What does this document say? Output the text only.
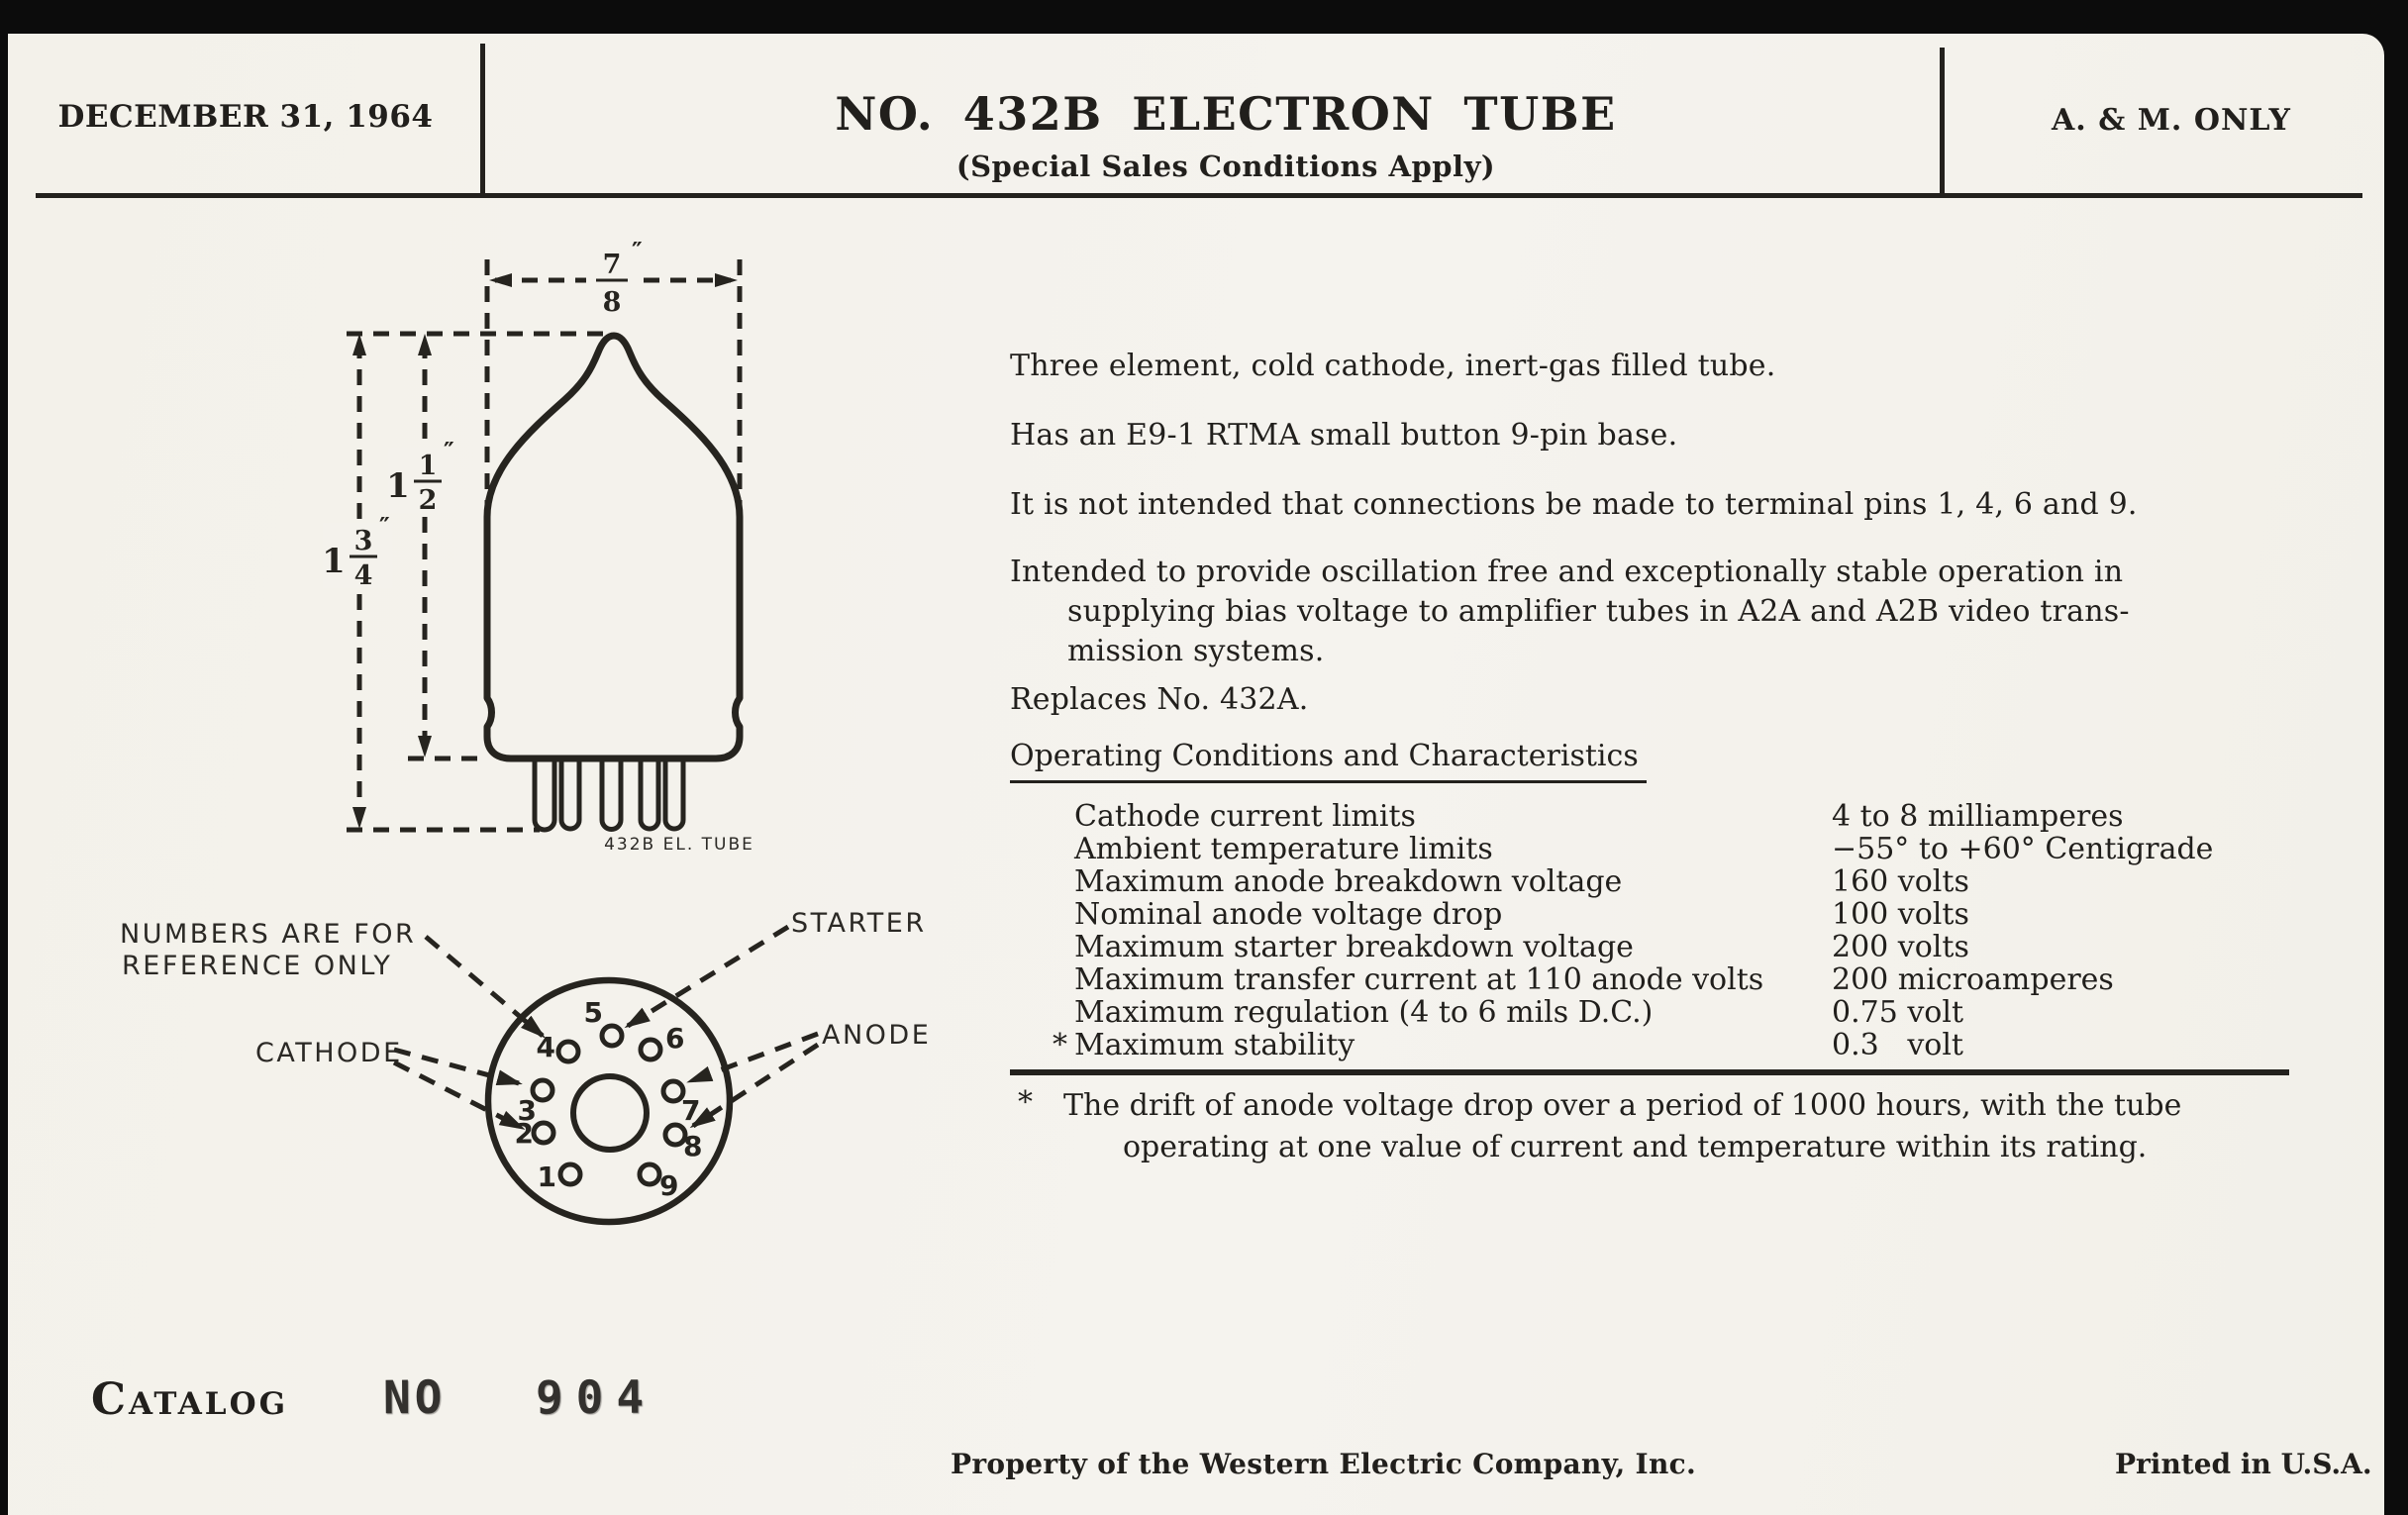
DECEMBER 31, 1964	NO. 432B ELECTRON TUBE
(Special Sales Conditions Apply)
A. & M. ONLY
7
8
″
1
1
2
″
1
3
4
″
432B EL. TUBE
1
2
3
4
5
6
7
8
9
NUMBERS ARE FOR
REFERENCE ONLY
CATHODE
STARTER
ANODE
Three element, cold cathode, inert-gas filled tube.
Has an E9-1 RTMA small button 9-pin base.
It is not intended that connections be made to terminal pins 1, 4, 6 and 9.
Intended to provide oscillation free and exceptionally stable operation in
supplying bias voltage to amplifier tubes in A2A and A2B video trans-
mission systems.
Replaces No. 432A.
Operating Conditions and Characteristics
Cathode current limits	4 to 8 milliamperes
Ambient temperature limits	−55° to +60° Centigrade
Maximum anode breakdown voltage	160 volts
Nominal anode voltage drop	100 volts
Maximum starter breakdown voltage	200 volts
Maximum transfer current at 110 anode volts	200 microamperes
Maximum regulation (4 to 6 mils D.C.)	0.75 volt
* Maximum stability	0.3   volt
*	The drift of anode voltage drop over a period of 1000 hours, with the tube
operating at one value of current and temperature within its rating.
Catalog NO 904
Property of the Western Electric Company, Inc.	Printed in U.S.A.
